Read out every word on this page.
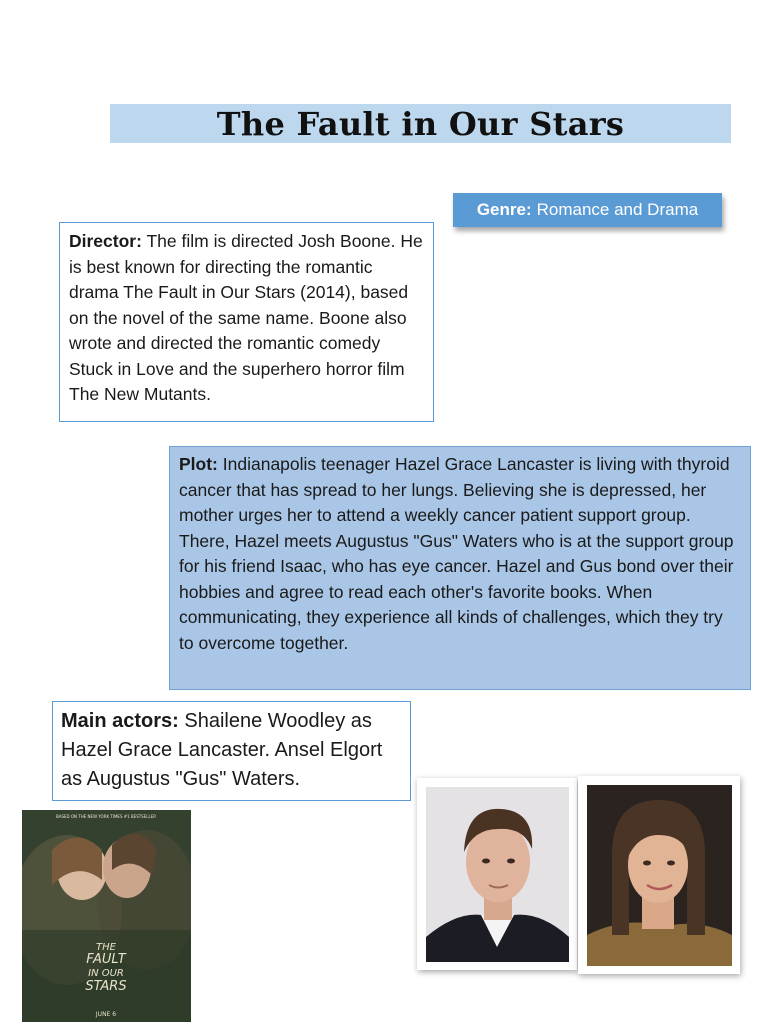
The Fault in Our Stars
Genre: Romance and Drama
Director: The film is directed Josh Boone. He is best known for directing the romantic drama The Fault in Our Stars (2014), based on the novel of the same name. Boone also wrote and directed the romantic comedy Stuck in Love and the superhero horror film The New Mutants.
Plot: Indianapolis teenager Hazel Grace Lancaster is living with thyroid cancer that has spread to her lungs. Believing she is depressed, her mother urges her to attend a weekly cancer patient support group. There, Hazel meets Augustus "Gus" Waters who is at the support group for his friend Isaac, who has eye cancer. Hazel and Gus bond over their hobbies and agree to read each other's favorite books. When communicating, they experience all kinds of challenges, which they try to overcome together.
Main actors: Shailene Woodley as Hazel Grace Lancaster. Ansel Elgort as Augustus "Gus" Waters.
BASED ON THE NEW YORK TIMES #1 BESTSELLER
THE
FAULT
IN OUR
STARS
JUNE 6
